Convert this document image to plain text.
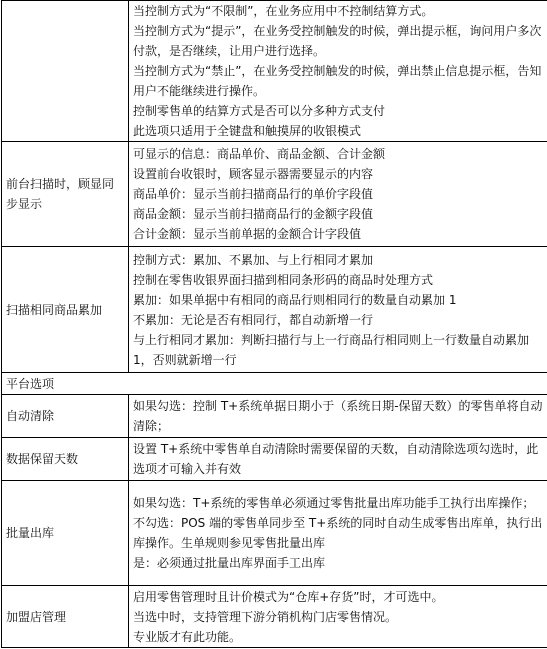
	当控制方式为“不限制”，在业务应用中不控制结算方式。
当控制方式为“提示”，在业务受控制触发的时候，弹出提示框，询问用户多次付款，是否继续，让用户进行选择。
当控制方式为“禁止”，在业务受控制触发的时候，弹出禁止信息提示框，告知用户不能继续进行操作。
控制零售单的结算方式是否可以分多种方式支付
此选项只适用于全键盘和触摸屏的收银模式

前台扫描时，顾显同步显示	可显示的信息：商品单价、商品金额、合计金额
设置前台收银时，顾客显示器需要显示的内容
商品单价：显示当前扫描商品行的单价字段值
商品金额：显示当前扫描商品行的金额字段值
合计金额：显示当前单据的金额合计字段值

扫描相同商品累加	控制方式：累加、不累加、与上行相同才累加
控制在零售收银界面扫描到相同条形码的商品时处理方式
累加：如果单据中有相同的商品行则相同行的数量自动累加 1
不累加：无论是否有相同行，都自动新增一行
与上行相同才累加：判断扫描行与上一行商品行相同则上一行数量自动累加 1，否则就新增一行

平台选项	
自动清除	如果勾选：控制 T+系统单据日期小于（系统日期-保留天数）的零售单将自动清除；

数据保留天数	设置 T+系统中零售单自动清除时需要保留的天数，自动清除选项勾选时，此选项才可输入并有效

批量出库	如果勾选：T+系统的零售单必须通过零售批量出库功能手工执行出库操作；
不勾选：POS 端的零售单同步至 T+系统的同时自动生成零售出库单，执行出库操作。生单规则参见零售批量出库
是：必须通过批量出库界面手工出库

加盟店管理	启用零售管理时且计价模式为“仓库+存货”时，才可选中。
当选中时，支持管理下游分销机构门店零售情况。
专业版才有此功能。
